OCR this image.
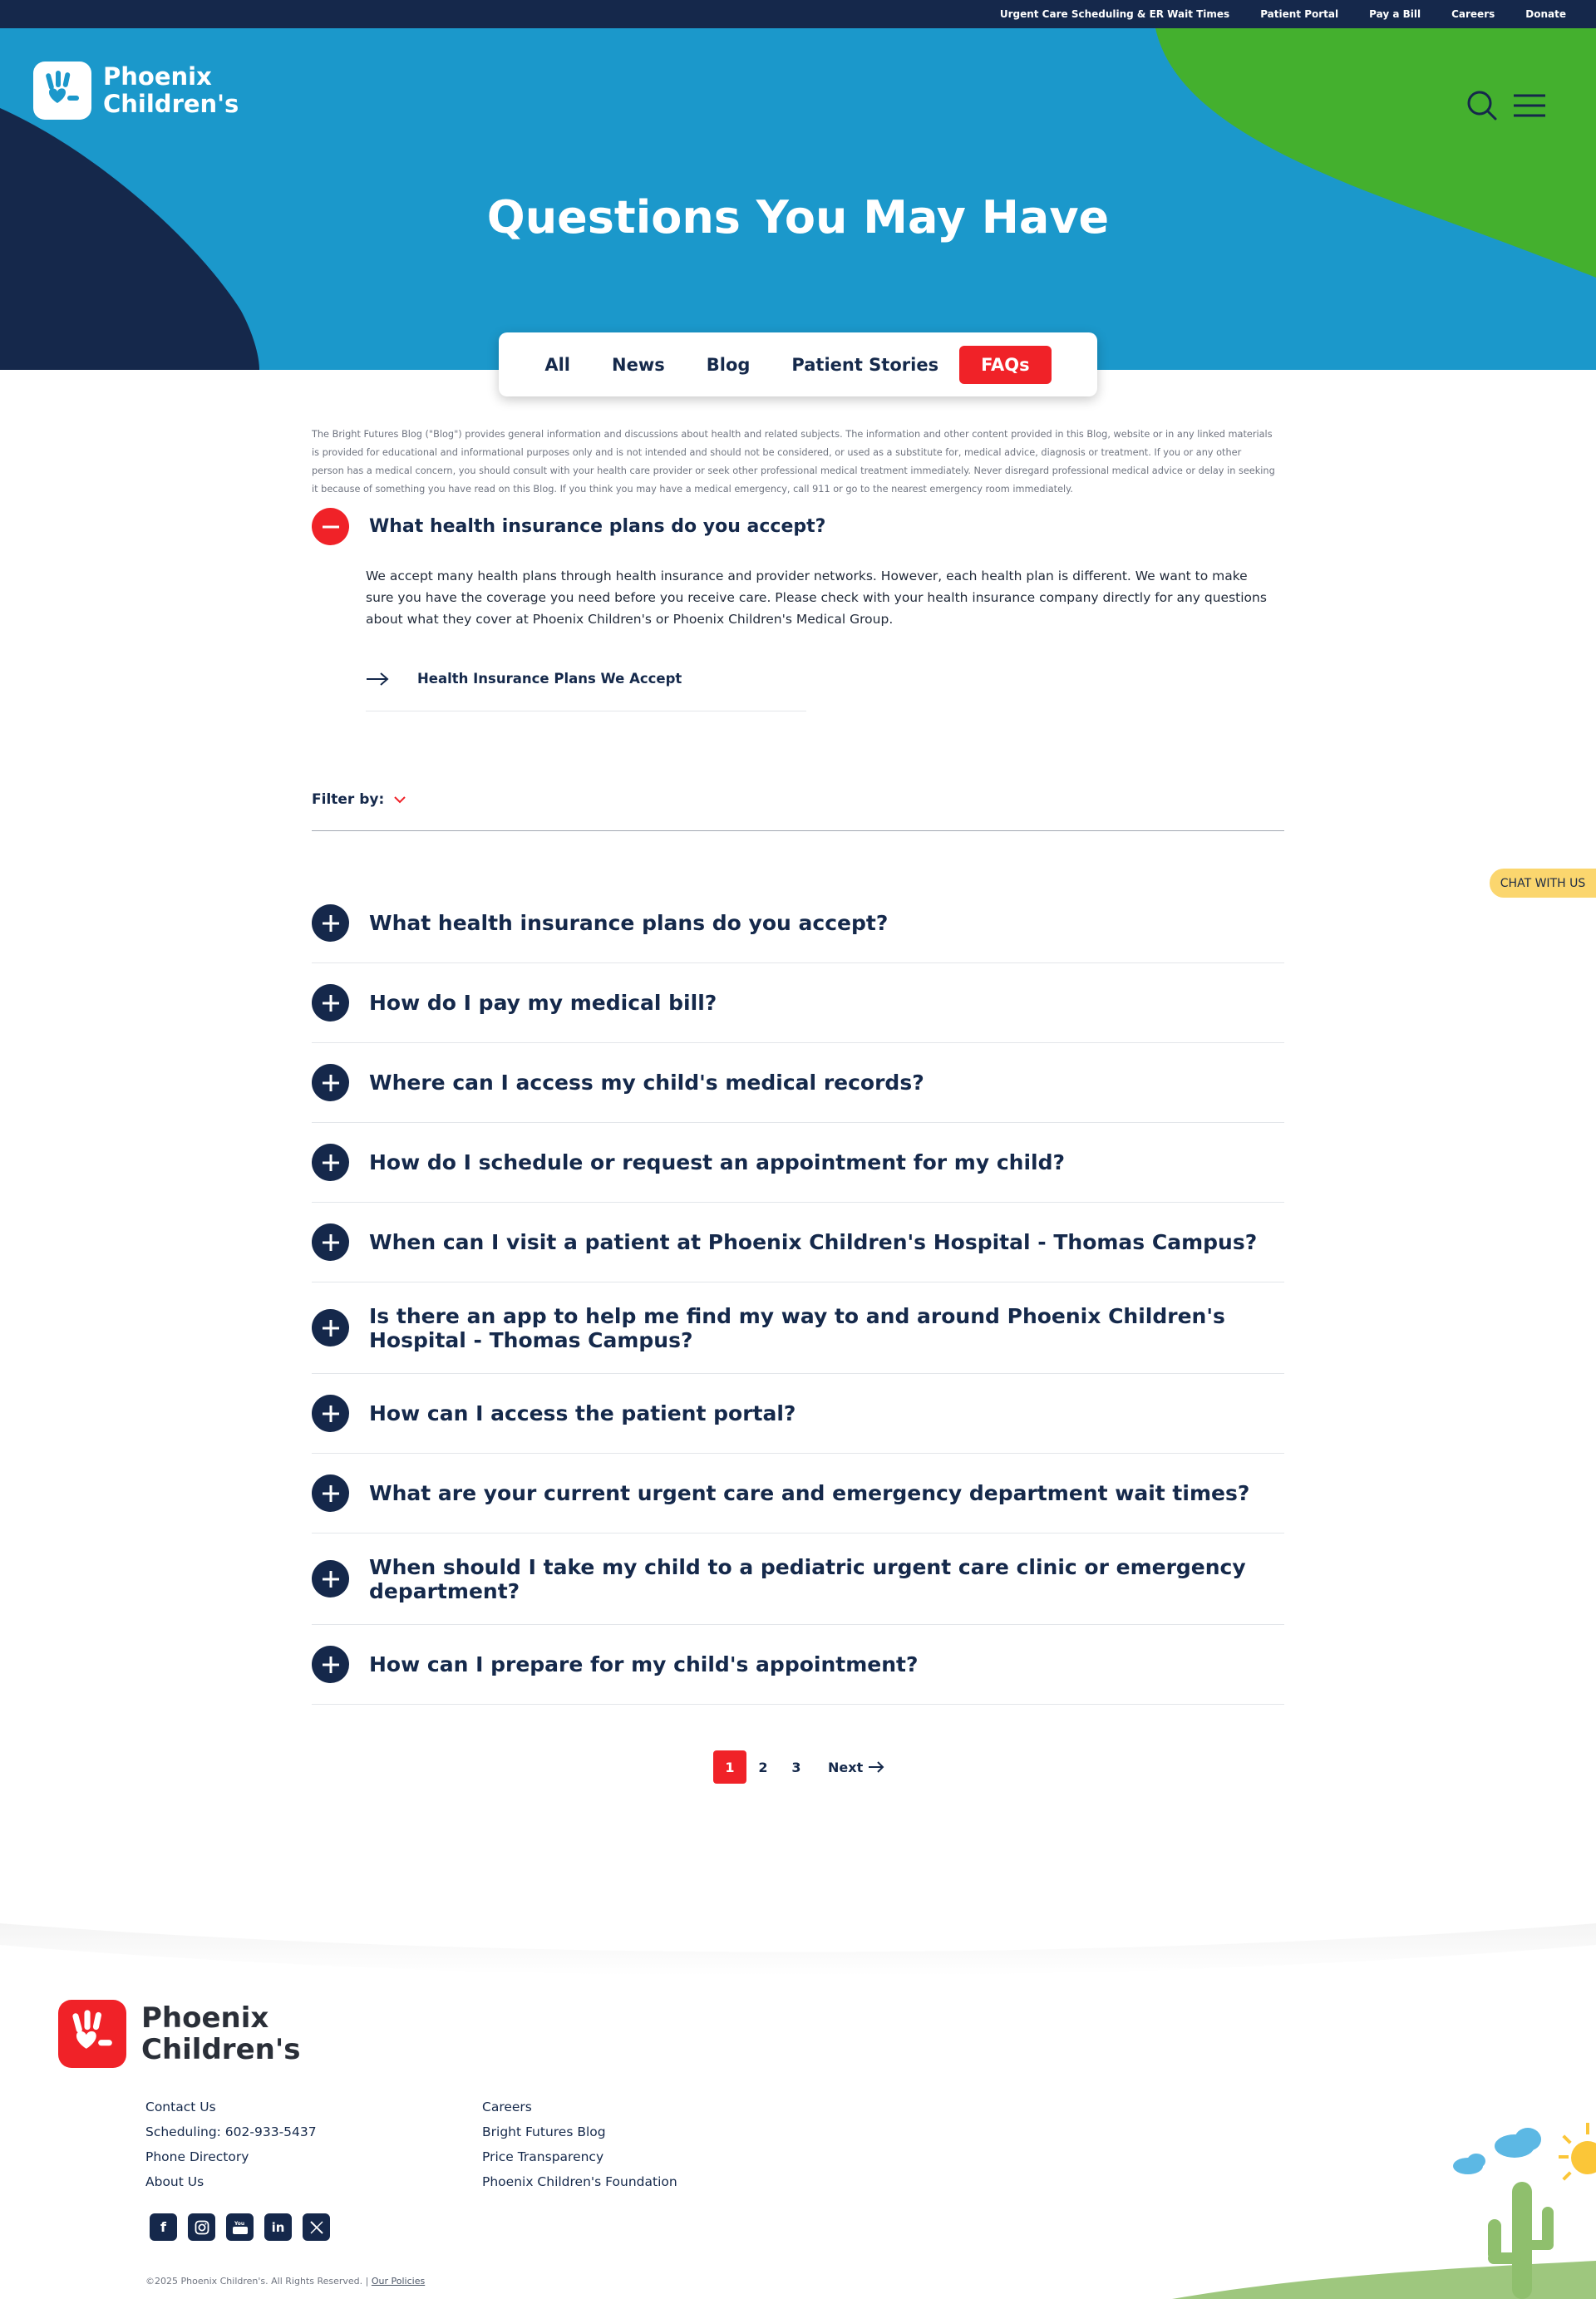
Urgent Care Scheduling & ER Wait Times	Patient Portal	Pay a Bill	Careers	Donate
Phoenix
Children's
Questions You May Have
All News Blog Patient Stories	FAQs
The Bright Futures Blog ("Blog") provides general information and discussions about health and related subjects. The information and other content provided in this Blog, website or in any linked materials is provided for educational and informational purposes only and is not intended and should not be considered, or used as a substitute for, medical advice, diagnosis or treatment. If you or any other person has a medical concern, you should consult with your health care provider or seek other professional medical treatment immediately. Never disregard professional medical advice or delay in seeking it because of something you have read on this Blog. If you think you may have a medical emergency, call 911 or go to the nearest emergency room immediately.
What health insurance plans do you accept?
We accept many health plans through health insurance and provider networks. However, each health plan is different. We want to make sure you have the coverage you need before you receive care. Please check with your health insurance company directly for any questions about what they cover at Phoenix Children's or Phoenix Children's Medical Group.
Health Insurance Plans We Accept
Filter by:
CHAT WITH US
What health insurance plans do you accept?
How do I pay my medical bill?
Where can I access my child's medical records?
How do I schedule or request an appointment for my child?
When can I visit a patient at Phoenix Children's Hospital - Thomas Campus?
Is there an app to help me find my way to and around Phoenix Children's Hospital - Thomas Campus?
How can I access the patient portal?
What are your current urgent care and emergency department wait times?
When should I take my child to a pediatric urgent care clinic or emergency department?
How can I prepare for my child's appointment?
1	2	3	Next
Phoenix
Children's
Contact Us
Scheduling: 602-933-5437
Phone Directory
About Us
Careers
Bright Futures Blog
Price Transparency
Phoenix Children's Foundation
f	You in
©2025 Phoenix Children's. All Rights Reserved. | Our Policies
